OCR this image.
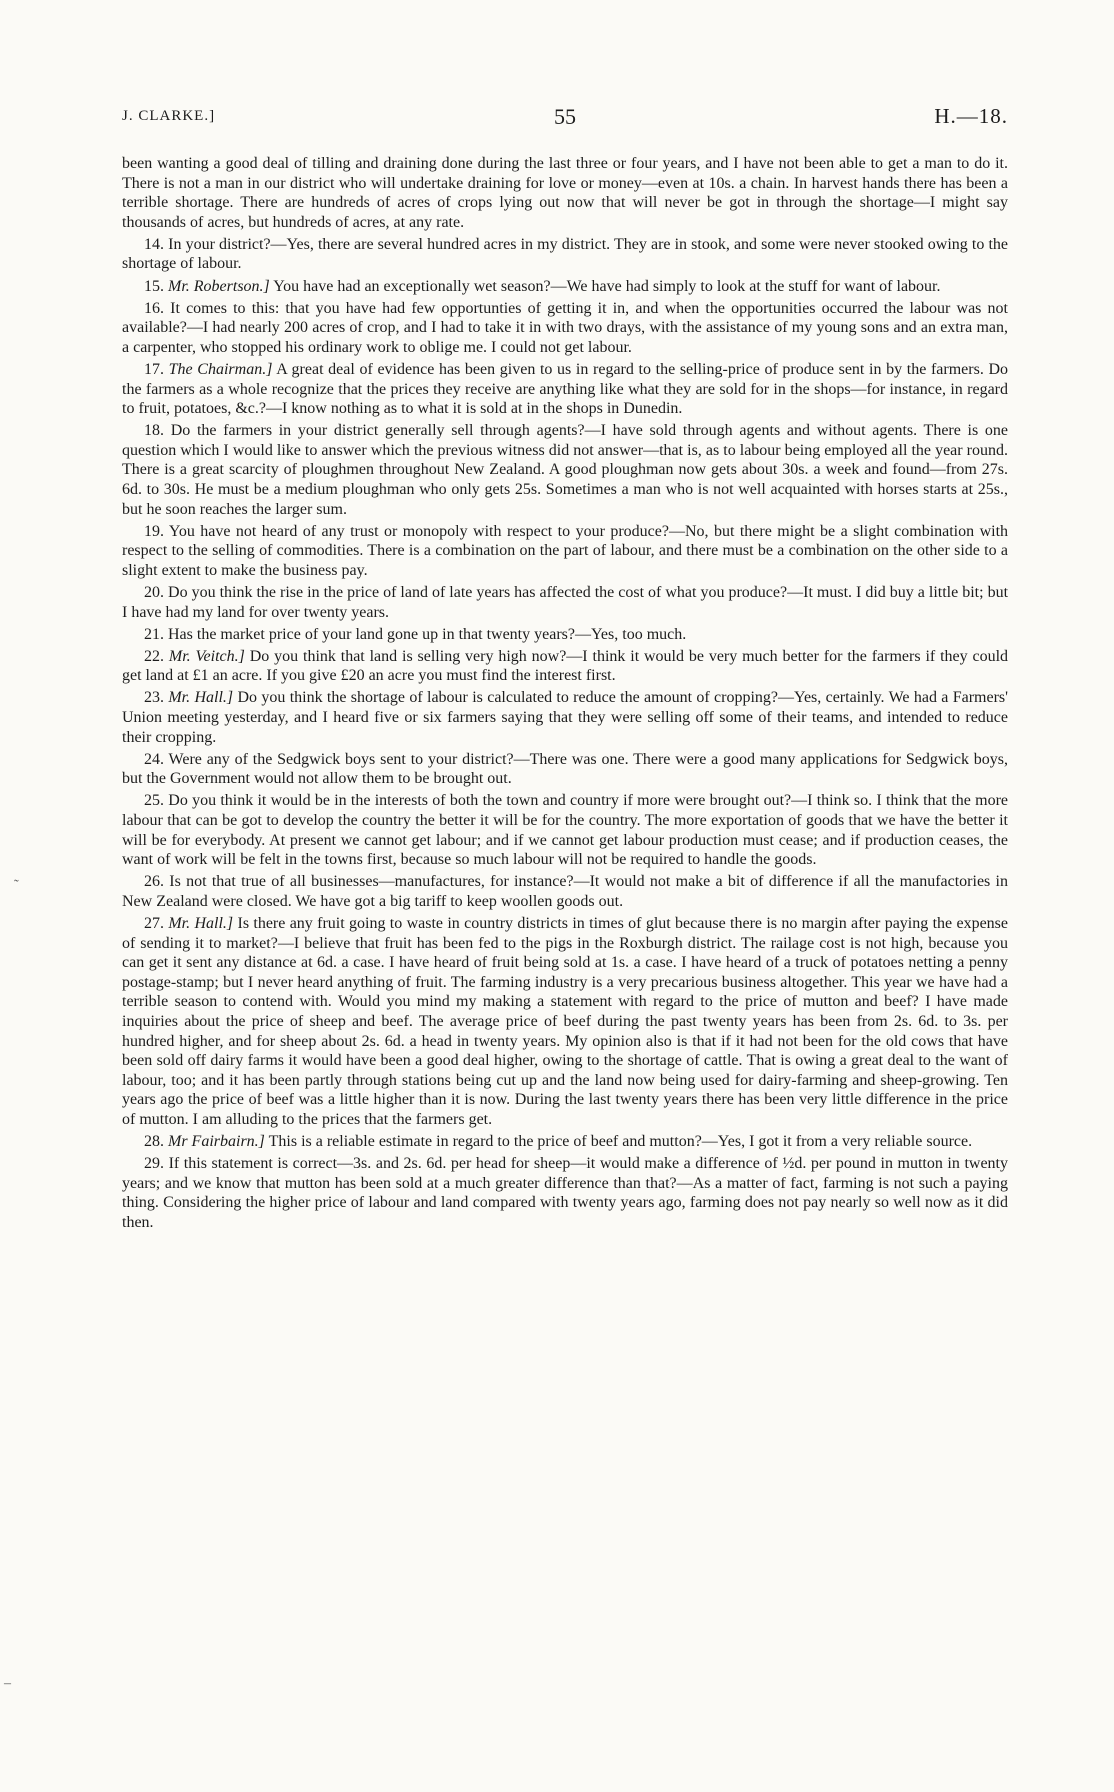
J. CLARKE.]	55	H.—18.
˷
–

been wanting a good deal of tilling and draining done during the last three or four years, and I have not been able to get a man to do it. There is not a man in our district who will undertake draining for love or money—even at 10s. a chain. In harvest hands there has been a terrible shortage. There are hundreds of acres of crops lying out now that will never be got in through the shortage—I might say thousands of acres, but hundreds of acres, at any rate.

14. In your district?—Yes, there are several hundred acres in my district. They are in stook, and some were never stooked owing to the shortage of labour.

15. Mr. Robertson.] You have had an exceptionally wet season?—We have had simply to look at the stuff for want of labour.

16. It comes to this: that you have had few opportunties of getting it in, and when the opportunities occurred the labour was not available?—I had nearly 200 acres of crop, and I had to take it in with two drays, with the assistance of my young sons and an extra man, a carpenter, who stopped his ordinary work to oblige me. I could not get labour.

17. The Chairman.] A great deal of evidence has been given to us in regard to the selling-price of produce sent in by the farmers. Do the farmers as a whole recognize that the prices they receive are anything like what they are sold for in the shops—for instance, in regard to fruit, potatoes, &c.?—I know nothing as to what it is sold at in the shops in Dunedin.

18. Do the farmers in your district generally sell through agents?—I have sold through agents and without agents. There is one question which I would like to answer which the previous witness did not answer—that is, as to labour being employed all the year round. There is a great scarcity of ploughmen throughout New Zealand. A good ploughman now gets about 30s. a week and found—from 27s. 6d. to 30s. He must be a medium ploughman who only gets 25s. Sometimes a man who is not well acquainted with horses starts at 25s., but he soon reaches the larger sum.

19. You have not heard of any trust or monopoly with respect to your produce?—No, but there might be a slight combination with respect to the selling of commodities. There is a combination on the part of labour, and there must be a combination on the other side to a slight extent to make the business pay.

20. Do you think the rise in the price of land of late years has affected the cost of what you produce?—It must. I did buy a little bit; but I have had my land for over twenty years.

21. Has the market price of your land gone up in that twenty years?—Yes, too much.

22. Mr. Veitch.] Do you think that land is selling very high now?—I think it would be very much better for the farmers if they could get land at £1 an acre. If you give £20 an acre you must find the interest first.

23. Mr. Hall.] Do you think the shortage of labour is calculated to reduce the amount of cropping?—Yes, certainly. We had a Farmers' Union meeting yesterday, and I heard five or six farmers saying that they were selling off some of their teams, and intended to reduce their cropping.

24. Were any of the Sedgwick boys sent to your district?—There was one. There were a good many applications for Sedgwick boys, but the Government would not allow them to be brought out.

25. Do you think it would be in the interests of both the town and country if more were brought out?—I think so. I think that the more labour that can be got to develop the country the better it will be for the country. The more exportation of goods that we have the better it will be for everybody. At present we cannot get labour; and if we cannot get labour production must cease; and if production ceases, the want of work will be felt in the towns first, because so much labour will not be required to handle the goods.

26. Is not that true of all businesses—manufactures, for instance?—It would not make a bit of difference if all the manufactories in New Zealand were closed. We have got a big tariff to keep woollen goods out.

27. Mr. Hall.] Is there any fruit going to waste in country districts in times of glut because there is no margin after paying the expense of sending it to market?—I believe that fruit has been fed to the pigs in the Roxburgh district. The railage cost is not high, because you can get it sent any distance at 6d. a case. I have heard of fruit being sold at 1s. a case. I have heard of a truck of potatoes netting a penny postage-stamp; but I never heard anything of fruit. The farming industry is a very precarious business altogether. This year we have had a terrible season to contend with. Would you mind my making a statement with regard to the price of mutton and beef? I have made inquiries about the price of sheep and beef. The average price of beef during the past twenty years has been from 2s. 6d. to 3s. per hundred higher, and for sheep about 2s. 6d. a head in twenty years. My opinion also is that if it had not been for the old cows that have been sold off dairy farms it would have been a good deal higher, owing to the shortage of cattle. That is owing a great deal to the want of labour, too; and it has been partly through stations being cut up and the land now being used for dairy-farming and sheep-growing. Ten years ago the price of beef was a little higher than it is now. During the last twenty years there has been very little difference in the price of mutton. I am alluding to the prices that the farmers get.

28. Mr Fairbairn.] This is a reliable estimate in regard to the price of beef and mutton?—Yes, I got it from a very reliable source.

29. If this statement is correct—3s. and 2s. 6d. per head for sheep—it would make a difference of ½d. per pound in mutton in twenty years; and we know that mutton has been sold at a much greater difference than that?—As a matter of fact, farming is not such a paying thing. Considering the higher price of labour and land compared with twenty years ago, farming does not pay nearly so well now as it did then.
